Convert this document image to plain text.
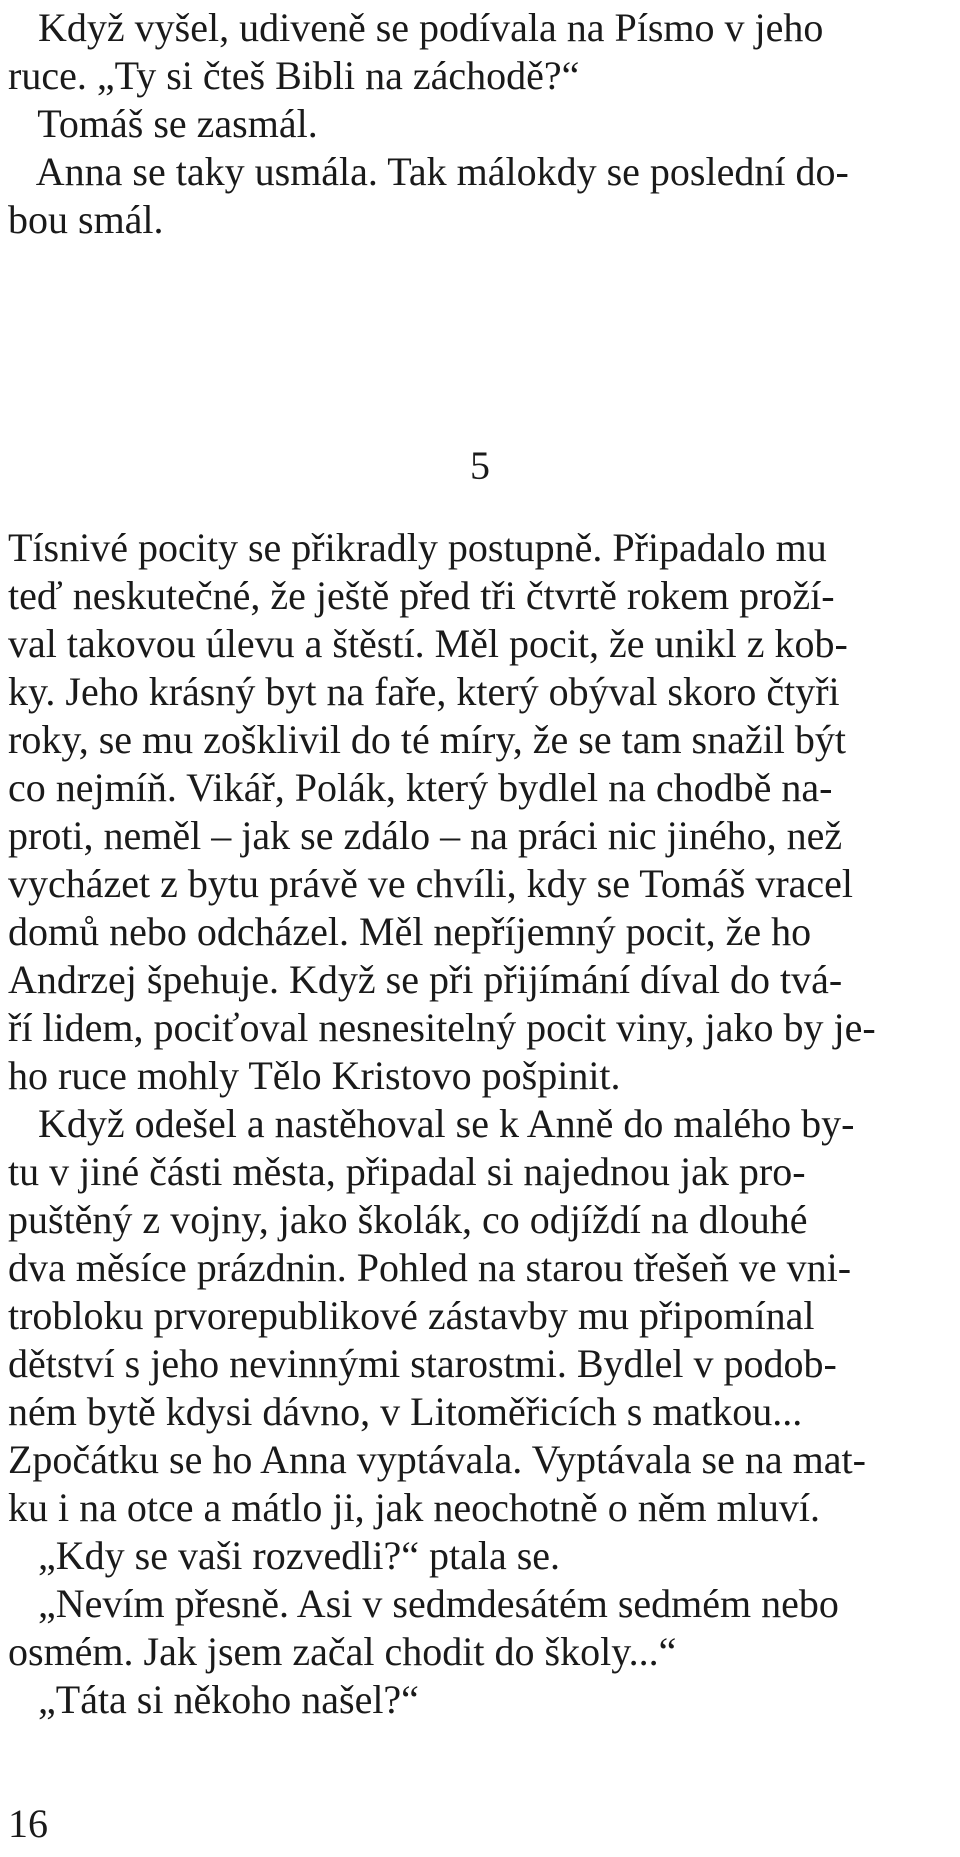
Když vyšel, udiveně se podívala na Písmo v jeho
ruce. „Ty si čteš Bibli na záchodě?“
Tomáš se zasmál.
Anna se taky usmála. Tak málokdy se poslední do-
bou smál.
5
Tísnivé pocity se přikradly postupně. Připadalo mu
teď neskutečné, že ještě před tři čtvrtě rokem proží-
val takovou úlevu a štěstí. Měl pocit, že unikl z kob-
ky. Jeho krásný byt na faře, který obýval skoro čtyři
roky, se mu zošklivil do té míry, že se tam snažil být
co nejmíň. Vikář, Polák, který bydlel na chodbě na-
proti, neměl – jak se zdálo – na práci nic jiného, než
vycházet z bytu právě ve chvíli, kdy se Tomáš vracel
domů nebo odcházel. Měl nepříjemný pocit, že ho
Andrzej špehuje. Když se při přijímání díval do tvá-
ří lidem, pociťoval nesnesitelný pocit viny, jako by je-
ho ruce mohly Tělo Kristovo pošpinit.
Když odešel a nastěhoval se k Anně do malého by-
tu v jiné části města, připadal si najednou jak pro-
puštěný z vojny, jako školák, co odjíždí na dlouhé
dva měsíce prázdnin. Pohled na starou třešeň ve vni-
trobloku prvorepublikové zástavby mu připomínal
dětství s jeho nevinnými starostmi. Bydlel v podob-
ném bytě kdysi dávno, v Litoměřicích s matkou...
Zpočátku se ho Anna vyptávala. Vyptávala se na mat-
ku i na otce a mátlo ji, jak neochotně o něm mluví.
„Kdy se vaši rozvedli?“ ptala se.
„Nevím přesně. Asi v sedmdesátém sedmém nebo
osmém. Jak jsem začal chodit do školy...“
„Táta si někoho našel?“
16
